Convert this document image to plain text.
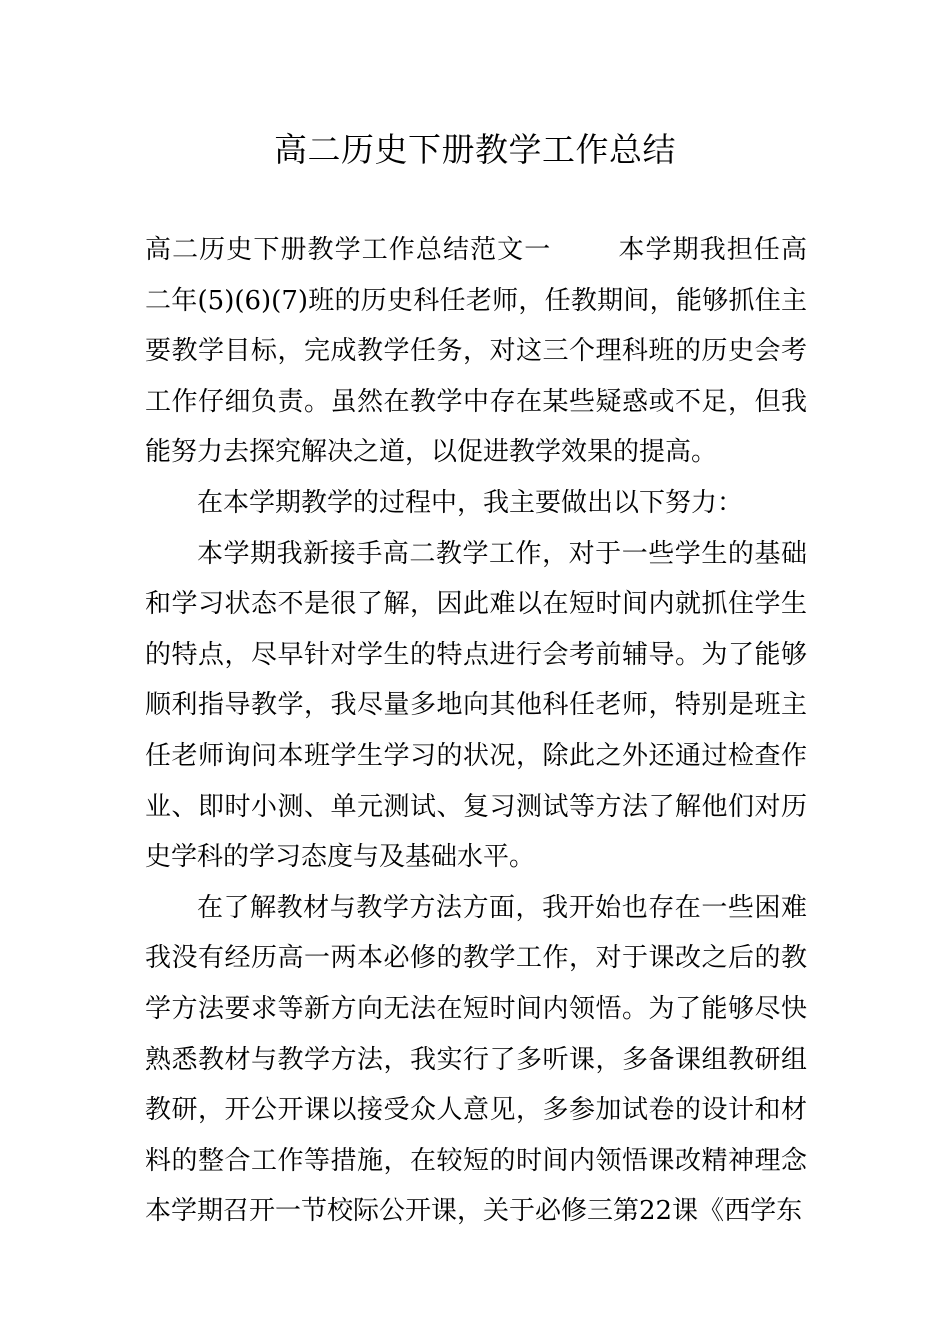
高二历史下册教学工作总结

高二历史下册教学工作总结范文一	本学期我担任高二年(5)(6)(7)班的历史科任老师，任教期间，能够抓住主要教学目标，完成教学任务，对这三个理科班的历史会考工作仔细负责。虽然在教学中存在某些疑惑或不足，但我能努力去探究解决之道，以促进教学效果的提高。

在本学期教学的过程中，我主要做出以下努力：

本学期我新接手高二教学工作，对于一些学生的基础和学习状态不是很了解，因此难以在短时间内就抓住学生的特点，尽早针对学生的特点进行会考前辅导。为了能够顺利指导教学，我尽量多地向其他科任老师，特别是班主任老师询问本班学生学习的状况，除此之外还通过检查作业、即时小测、单元测试、复习测试等方法了解他们对历史学科的学习态度与及基础水平。

在了解教材与教学方法方面，我开始也存在一些困难我没有经历高一两本必修的教学工作，对于课改之后的教学方法要求等新方向无法在短时间内领悟。为了能够尽快熟悉教材与教学方法，我实行了多听课，多备课组教研组教研，开公开课以接受众人意见，多参加试卷的设计和材料的整合工作等措施，在较短的时间内领悟课改精神理念本学期召开一节校际公开课，关于必修三第22课《西学东
